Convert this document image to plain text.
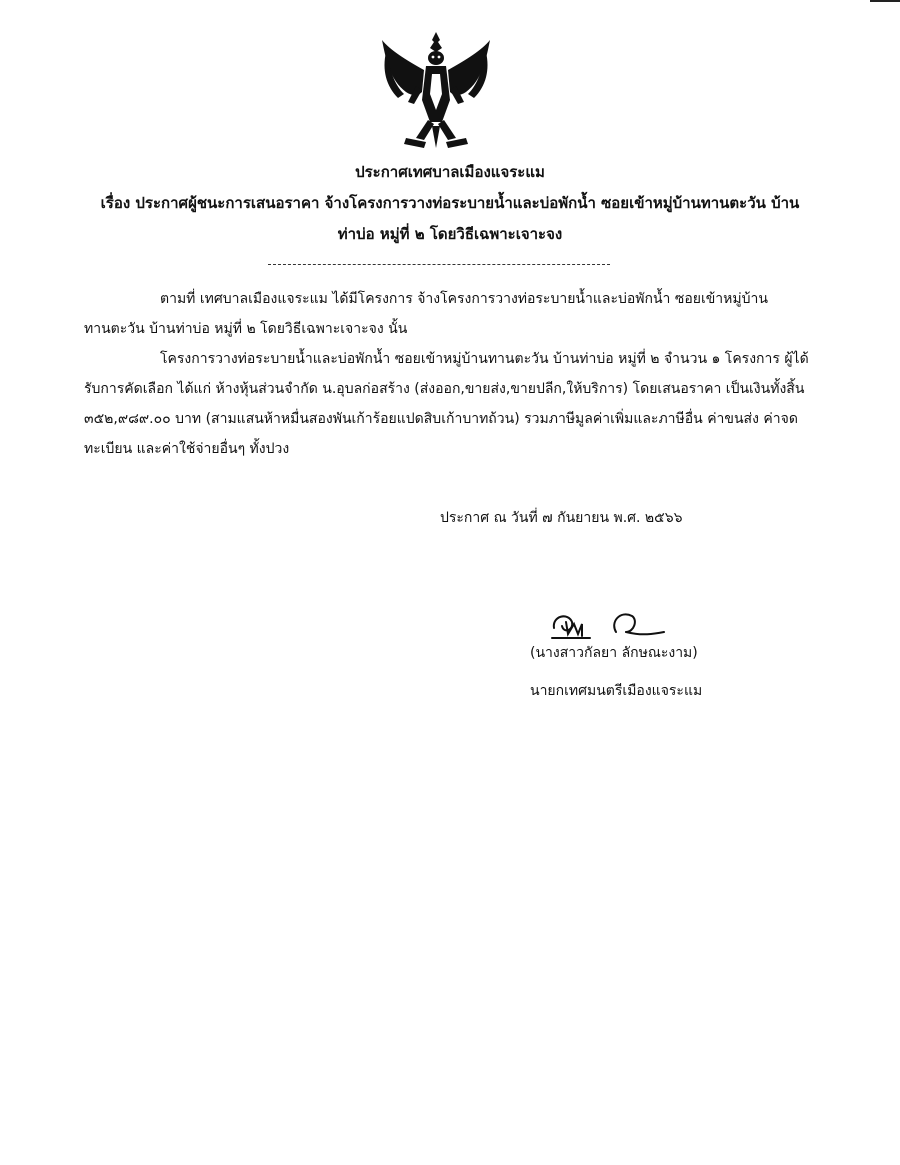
ประกาศเทศบาลเมืองแจระแม
เรื่อง ประกาศผู้ชนะการเสนอราคา จ้างโครงการวางท่อระบายน้ำและบ่อพักน้ำ ซอยเข้าหมู่บ้านทานตะวัน บ้าน
ท่าบ่อ หมู่ที่ ๒ โดยวิธีเฉพาะเจาะจง

ตามที่ เทศบาลเมืองแจระแม ได้มีโครงการ จ้างโครงการวางท่อระบายน้ำและบ่อพักน้ำ ซอยเข้าหมู่บ้านทานตะวัน บ้านท่าบ่อ หมู่ที่ ๒ โดยวิธีเฉพาะเจาะจง นั้น

โครงการวางท่อระบายน้ำและบ่อพักน้ำ ซอยเข้าหมู่บ้านทานตะวัน บ้านท่าบ่อ หมู่ที่ ๒ จำนวน ๑ โครงการ ผู้ได้รับการคัดเลือก ได้แก่ ห้างหุ้นส่วนจำกัด น.อุบลก่อสร้าง (ส่งออก,ขายส่ง,ขายปลีก,ให้บริการ) โดยเสนอราคา เป็นเงินทั้งสิ้น ๓๕๒,๙๘๙.๐๐ บาท (สามแสนห้าหมื่นสองพันเก้าร้อยแปดสิบเก้าบาทถ้วน) รวมภาษีมูลค่าเพิ่มและภาษีอื่น ค่าขนส่ง ค่าจดทะเบียน และค่าใช้จ่ายอื่นๆ ทั้งปวง

ประกาศ ณ วันที่ ๗ กันยายน พ.ศ. ๒๕๖๖
(นางสาวกัลยา ลักษณะงาม)
นายกเทศมนตรีเมืองแจระแม
